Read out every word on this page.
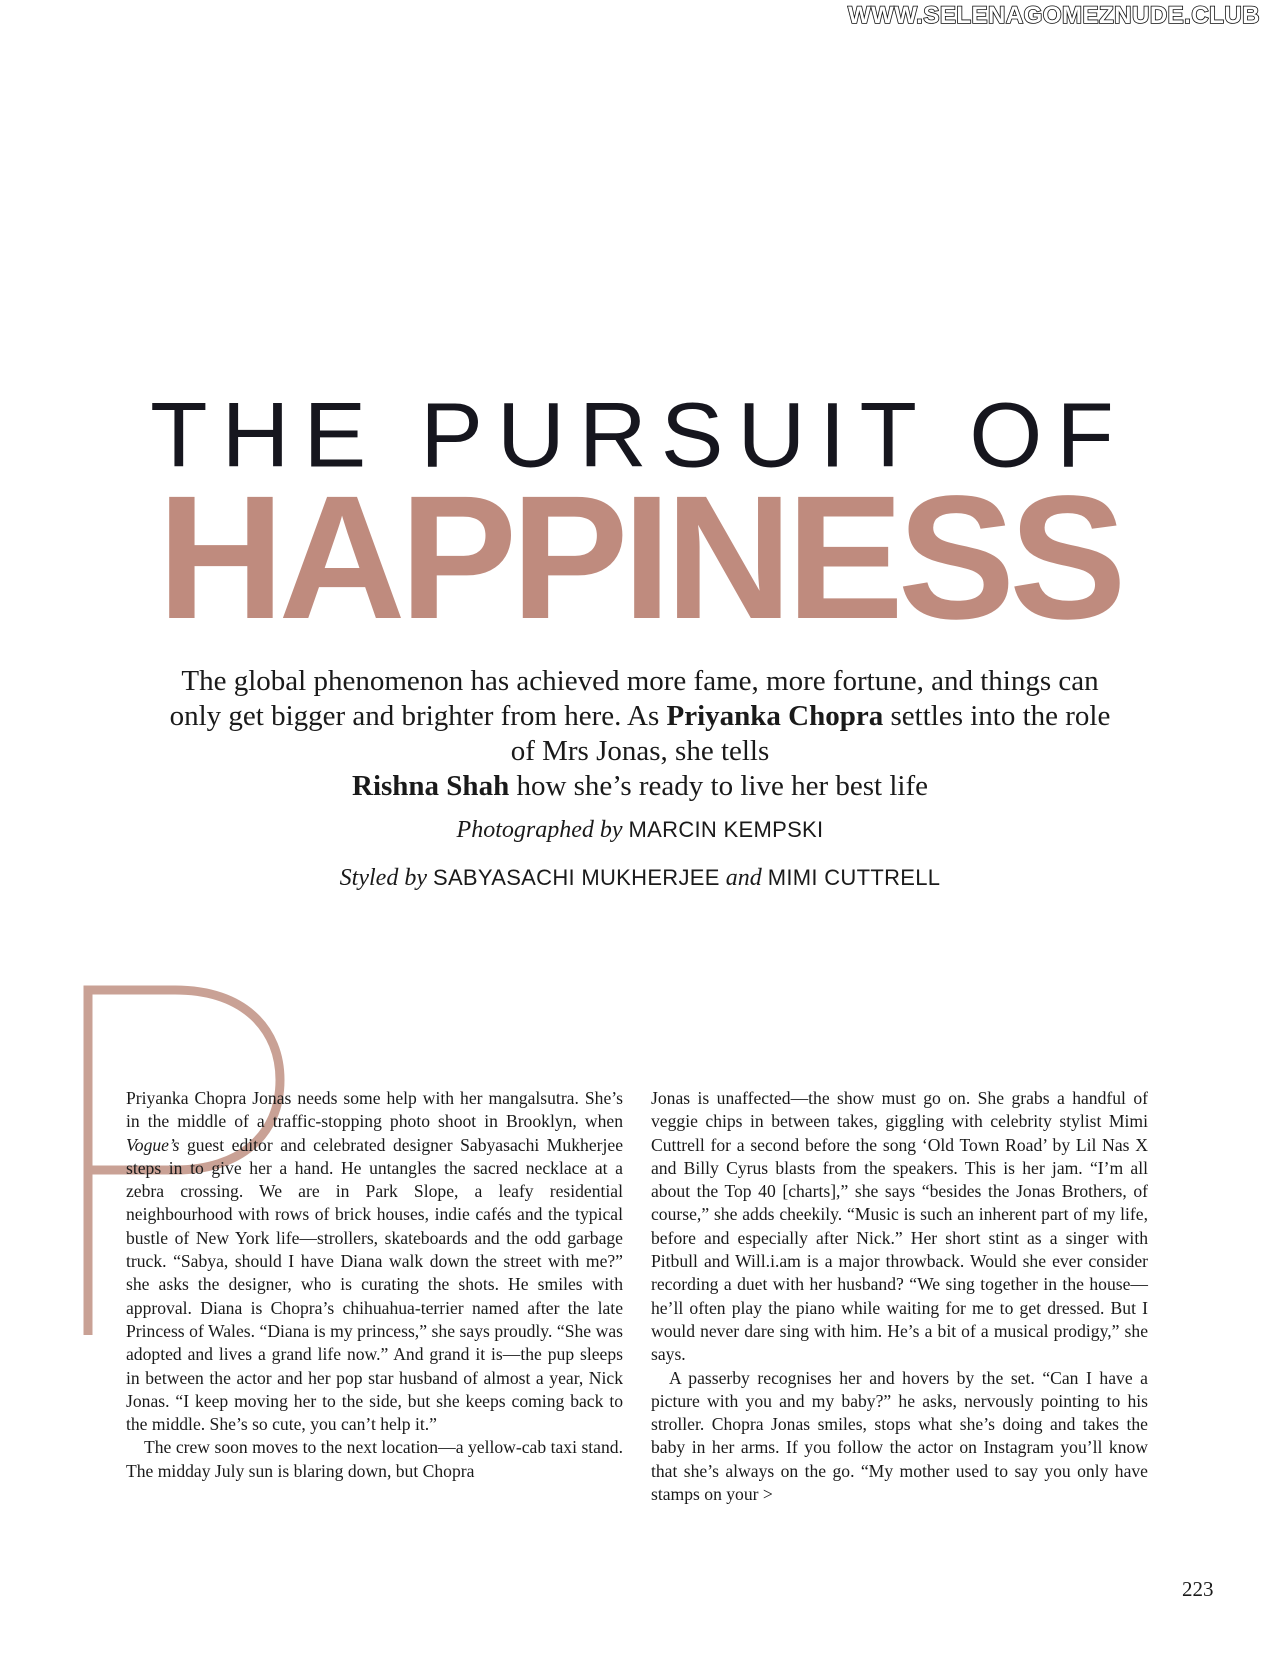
WWW.SELENAGOMEZNUDE.CLUB
THE PURSUIT OF
HAPPINESS
The global phenomenon has achieved more fame, more fortune, and things can only get bigger and brighter from here. As Priyanka Chopra settles into the role of Mrs Jonas, she tells
Rishna Shah how she’s ready to live her best life
Photographed by MARCIN KEMPSKI
Styled by SABYASACHI MUKHERJEE and MIMI CUTTRELL

Priyanka Chopra Jonas needs some help with her mangalsutra. She’s in the middle of a traffic-stopping photo shoot in Brooklyn, when Vogue’s guest editor and celebrated designer Sabyasachi Mukherjee steps in to give her a hand. He untangles the sacred necklace at a zebra crossing. We are in Park Slope, a leafy residential neighbourhood with rows of brick houses, indie cafés and the typical bustle of New York life—strollers, skateboards and the odd garbage truck. “Sabya, should I have Diana walk down the street with me?” she asks the designer, who is curating the shots. He smiles with approval. Diana is Chopra’s chihuahua-terrier named after the late Princess of Wales. “Diana is my princess,” she says proudly. “She was adopted and lives a grand life now.” And grand it is—the pup sleeps in between the actor and her pop star husband of almost a year, Nick Jonas. “I keep moving her to the side, but she keeps coming back to the middle. She’s so cute, you can’t help it.”

The crew soon moves to the next location—a yellow-cab taxi stand. The midday July sun is blaring down, but Chopra

Jonas is unaffected—the show must go on. She grabs a handful of veggie chips in between takes, giggling with celebrity stylist Mimi Cuttrell for a second before the song ‘Old Town Road’ by Lil Nas X and Billy Cyrus blasts from the speakers. This is her jam. “I’m all about the Top 40 [charts],” she says “besides the Jonas Brothers, of course,” she adds cheekily. “Music is such an inherent part of my life, before and especially after Nick.” Her short stint as a singer with Pitbull and Will.i.am is a major throwback. Would she ever consider recording a duet with her husband? “We sing together in the house—he’ll often play the piano while waiting for me to get dressed. But I would never dare sing with him. He’s a bit of a musical prodigy,” she says.

A passerby recognises her and hovers by the set. “Can I have a picture with you and my baby?” he asks, nervously pointing to his stroller. Chopra Jonas smiles, stops what she’s doing and takes the baby in her arms. If you follow the actor on Instagram you’ll know that she’s always on the go. “My mother used to say you only have stamps on your >

223
